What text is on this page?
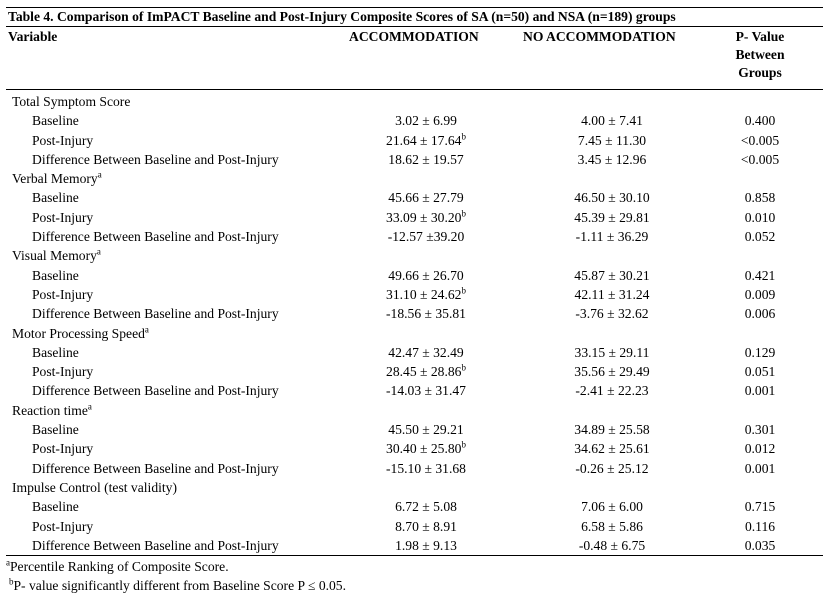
Table 4. Comparison of ImPACT Baseline and Post-Injury Composite Scores of SA (n=50) and NSA (n=189) groups
Variable	ACCOMMODATION	NO ACCOMMODATION	P- Value
Between
Groups
Total Symptom Score
Baseline	3.02 ± 6.99	4.00 ± 7.41	0.400
Post-Injury	21.64 ± 17.64$^b$	7.45 ± 11.30	<0.005
Difference Between Baseline and Post-Injury	18.62 ± 19.57	3.45 ± 12.96	<0.005
Verbal Memory$^a$
Baseline	45.66 ± 27.79	46.50 ± 30.10	0.858
Post-Injury	33.09 ± 30.20$^b$	45.39 ± 29.81	0.010
Difference Between Baseline and Post-Injury	-12.57 ±39.20	-1.11 ± 36.29	0.052
Visual Memory$^a$
Baseline	49.66 ± 26.70	45.87 ± 30.21	0.421
Post-Injury	31.10 ± 24.62$^b$	42.11 ± 31.24	0.009
Difference Between Baseline and Post-Injury	-18.56 ± 35.81	-3.76 ± 32.62	0.006
Motor Processing Speed$^a$
Baseline	42.47 ± 32.49	33.15 ± 29.11	0.129
Post-Injury	28.45 ± 28.86$^b$	35.56 ± 29.49	0.051
Difference Between Baseline and Post-Injury	-14.03 ± 31.47	-2.41 ± 22.23	0.001
Reaction time$^a$
Baseline	45.50 ± 29.21	34.89 ± 25.58	0.301
Post-Injury	30.40 ± 25.80$^b$	34.62 ± 25.61	0.012
Difference Between Baseline and Post-Injury	-15.10 ± 31.68	-0.26 ± 25.12	0.001
Impulse Control (test validity)
Baseline	6.72 ± 5.08	7.06 ± 6.00	0.715
Post-Injury	8.70 ± 8.91	6.58 ± 5.86	0.116
Difference Between Baseline and Post-Injury	1.98 ± 9.13	-0.48 ± 6.75	0.035
$^a$Percentile Ranking of Composite Score.
$^b$P- value significantly different from Baseline Score P ≤ 0.05.
